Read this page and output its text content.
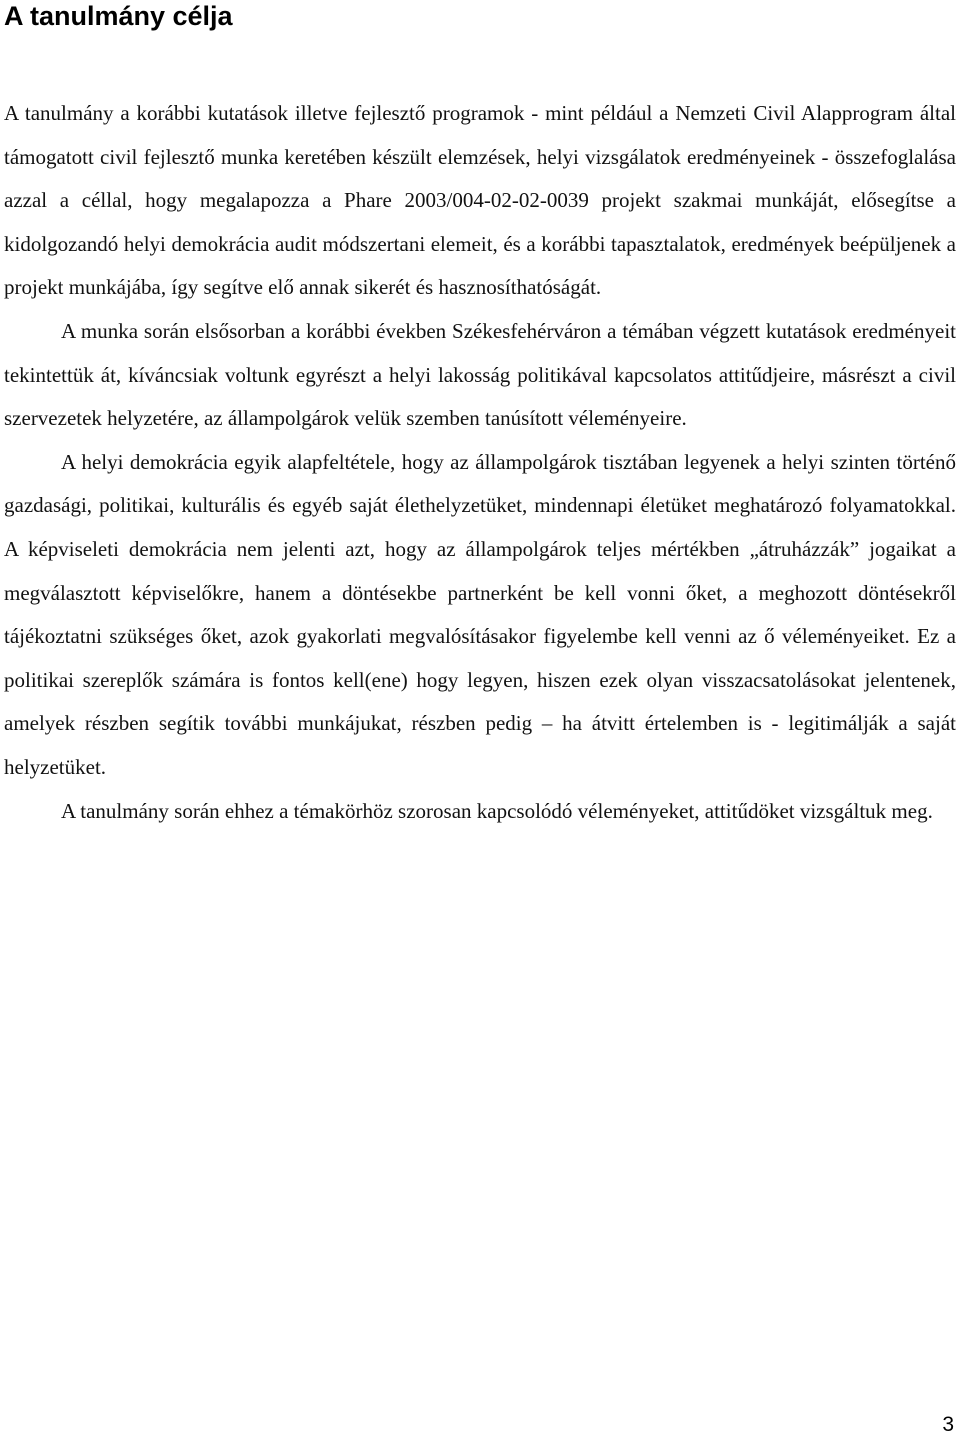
A tanulmány célja

A tanulmány a korábbi kutatások illetve fejlesztő programok - mint például a Nemzeti Civil Alapprogram által támogatott civil fejlesztő munka keretében készült elemzések, helyi vizsgálatok eredményeinek - összefoglalása azzal a céllal, hogy megalapozza a Phare 2003/004-02-02-0039 projekt szakmai munkáját, elősegítse a kidolgozandó helyi demokrácia audit módszertani elemeit, és a korábbi tapasztalatok, eredmények beépüljenek a projekt munkájába, így segítve elő annak sikerét és hasznosíthatóságát.

A munka során elsősorban a korábbi években Székesfehérváron a témában végzett kutatások eredményeit tekintettük át, kíváncsiak voltunk egyrészt a helyi lakosság politikával kapcsolatos attitűdjeire, másrészt a civil szervezetek helyzetére, az állampolgárok velük szemben tanúsított véleményeire.

A helyi demokrácia egyik alapfeltétele, hogy az állampolgárok tisztában legyenek a helyi szinten történő gazdasági, politikai, kulturális és egyéb saját élethelyzetüket, mindennapi életüket meghatározó folyamatokkal. A képviseleti demokrácia nem jelenti azt, hogy az állampolgárok teljes mértékben „átruházzák” jogaikat a megválasztott képviselőkre, hanem a döntésekbe partnerként be kell vonni őket, a meghozott döntésekről tájékoztatni szükséges őket, azok gyakorlati megvalósításakor figyelembe kell venni az ő véleményeiket. Ez a politikai szereplők számára is fontos kell(ene) hogy legyen, hiszen ezek olyan visszacsatolásokat jelentenek, amelyek részben segítik további munkájukat, részben pedig – ha átvitt értelemben is - legitimálják a saját helyzetüket.

A tanulmány során ehhez a témakörhöz szorosan kapcsolódó véleményeket, attitűdöket vizsgáltuk meg.

3
